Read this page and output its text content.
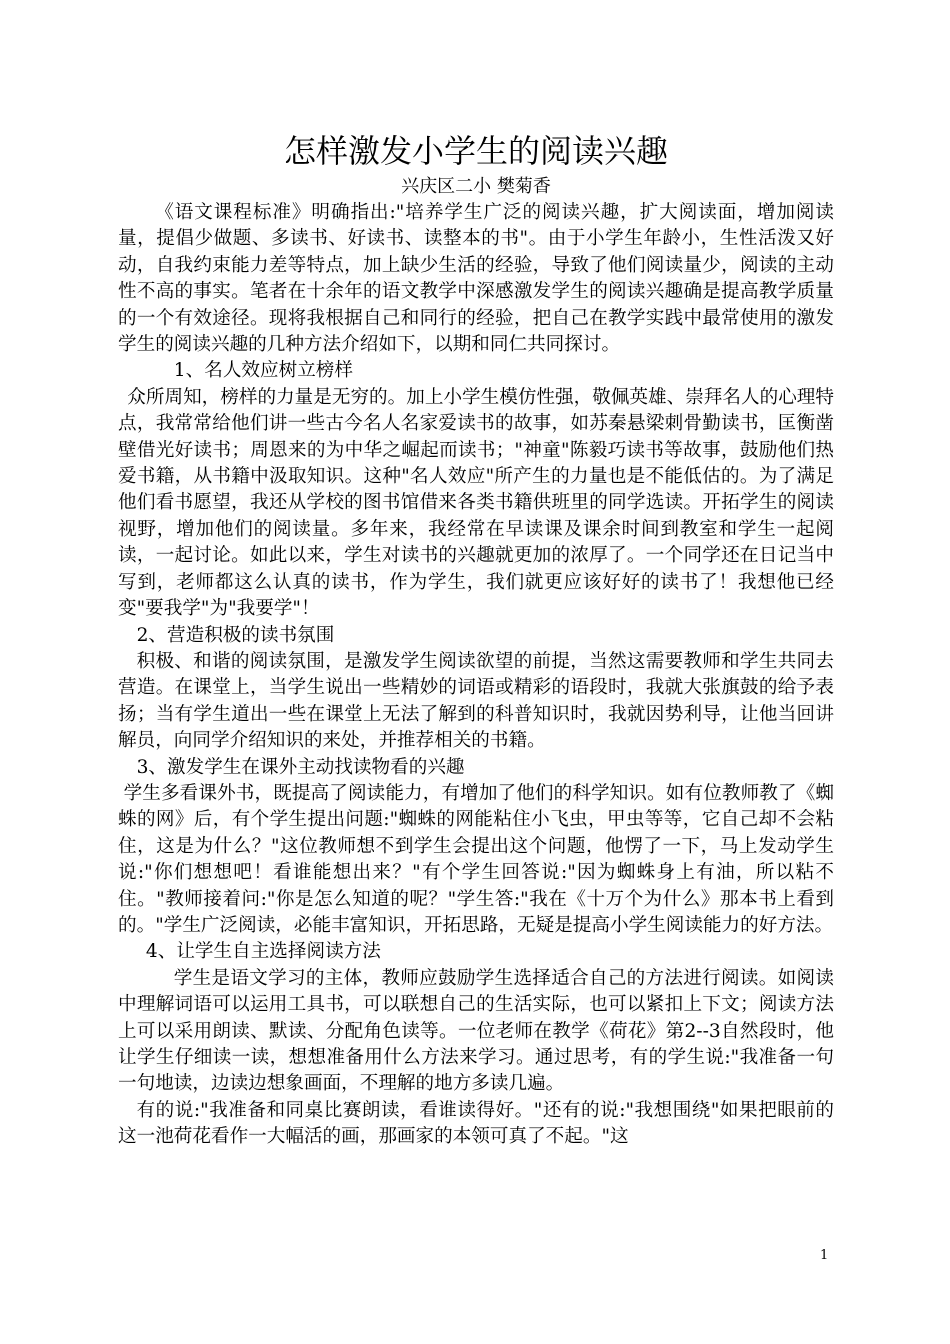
怎样激发小学生的阅读兴趣

兴庆区二小 樊菊香

《语文课程标准》明确指出:"培养学生广泛的阅读兴趣，扩大阅读面，增加阅读量，提倡少做题、多读书、好读书、读整本的书"。由于小学生年龄小，生性活泼又好动，自我约束能力差等特点，加上缺少生活的经验，导致了他们阅读量少，阅读的主动性不高的事实。笔者在十余年的语文教学中深感激发学生的阅读兴趣确是提高教学质量的一个有效途径。现将我根据自己和同行的经验，把自己在教学实践中最常使用的激发学生的阅读兴趣的几种方法介绍如下，以期和同仁共同探讨。

1、名人效应树立榜样

众所周知，榜样的力量是无穷的。加上小学生模仿性强，敬佩英雄、崇拜名人的心理特点，我常常给他们讲一些古今名人名家爱读书的故事，如苏秦悬梁刺骨勤读书，匡衡凿壁借光好读书；周恩来的为中华之崛起而读书；"神童"陈毅巧读书等故事，鼓励他们热爱书籍，从书籍中汲取知识。这种"名人效应"所产生的力量也是不能低估的。为了满足他们看书愿望，我还从学校的图书馆借来各类书籍供班里的同学选读。开拓学生的阅读视野，增加他们的阅读量。多年来，我经常在早读课及课余时间到教室和学生一起阅读，一起讨论。如此以来，学生对读书的兴趣就更加的浓厚了。一个同学还在日记当中写到，老师都这么认真的读书，作为学生，我们就更应该好好的读书了！我想他已经变"要我学"为"我要学"！

2、营造积极的读书氛围

积极、和谐的阅读氛围，是激发学生阅读欲望的前提，当然这需要教师和学生共同去营造。在课堂上，当学生说出一些精妙的词语或精彩的语段时，我就大张旗鼓的给予表扬；当有学生道出一些在课堂上无法了解到的科普知识时，我就因势利导，让他当回讲解员，向同学介绍知识的来处，并推荐相关的书籍。

3、激发学生在课外主动找读物看的兴趣

学生多看课外书，既提高了阅读能力，有增加了他们的科学知识。如有位教师教了《蜘蛛的网》后，有个学生提出问题:"蜘蛛的网能粘住小飞虫，甲虫等等，它自己却不会粘住，这是为什么？"这位教师想不到学生会提出这个问题，他愣了一下，马上发动学生说:"你们想想吧！看谁能想出来？"有个学生回答说:"因为蜘蛛身上有油，所以粘不住。"教师接着问:"你是怎么知道的呢？"学生答:"我在《十万个为什么》那本书上看到的。"学生广泛阅读，必能丰富知识，开拓思路，无疑是提高小学生阅读能力的好方法。

4、让学生自主选择阅读方法

学生是语文学习的主体，教师应鼓励学生选择适合自己的方法进行阅读。如阅读中理解词语可以运用工具书，可以联想自己的生活实际，也可以紧扣上下文；阅读方法上可以采用朗读、默读、分配角色读等。一位老师在教学《荷花》第2--3自然段时，他让学生仔细读一读，想想准备用什么方法来学习。通过思考，有的学生说:"我准备一句一句地读，边读边想象画面，不理解的地方多读几遍。

有的说:"我准备和同桌比赛朗读，看谁读得好。"还有的说:"我想围绕"如果把眼前的这一池荷花看作一大幅活的画，那画家的本领可真了不起。"这

1
